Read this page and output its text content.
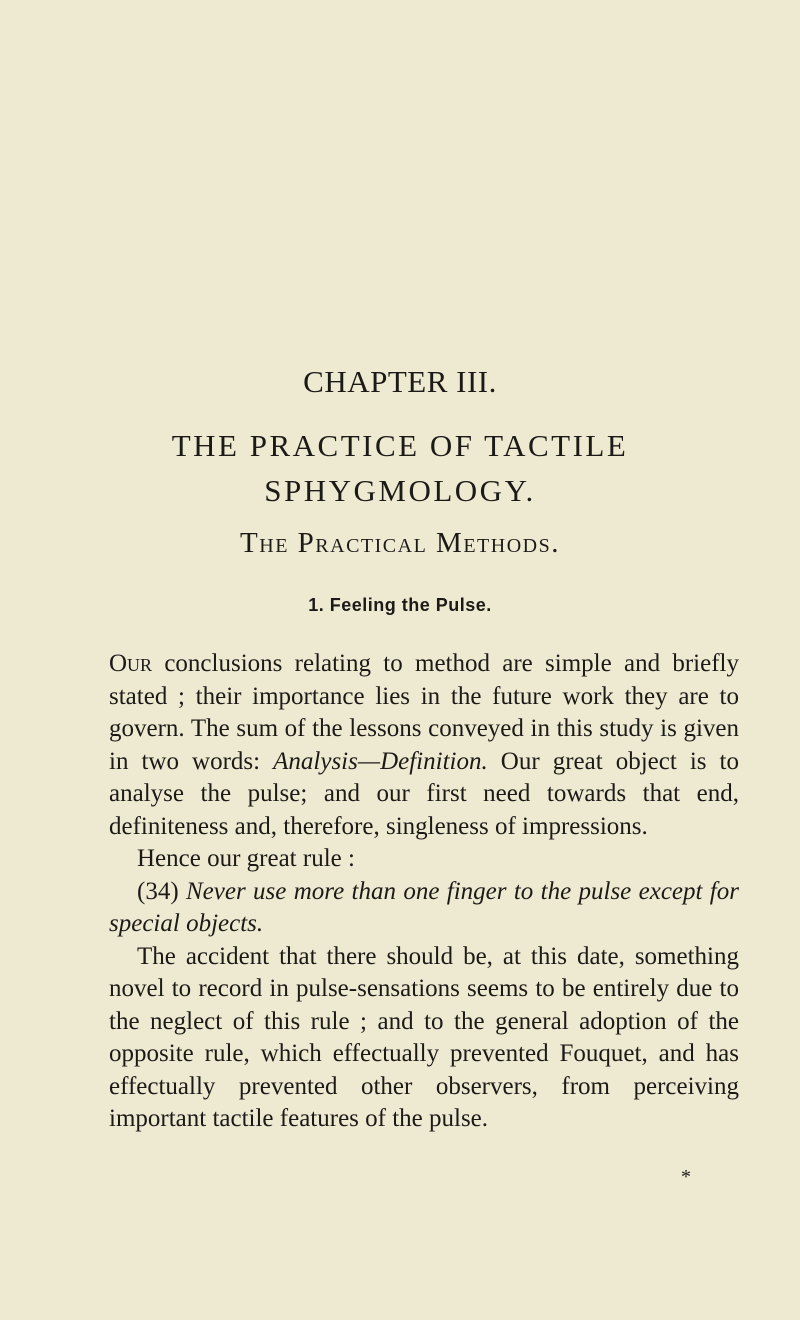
CHAPTER III.
THE PRACTICE OF TACTILE
SPHYGMOLOGY.
The Practical Methods.
1. Feeling the Pulse.

Our conclusions relating to method are simple and briefly stated ; their importance lies in the future work they are to govern. The sum of the lessons conveyed in this study is given in two words: Analysis—Definition. Our great object is to analyse the pulse; and our first need towards that end, definiteness and, therefore, singleness of impressions.

Hence our great rule :

(34) Never use more than one finger to the pulse except for special objects.

The accident that there should be, at this date, something novel to record in pulse-sensations seems to be entirely due to the neglect of this rule ; and to the general adoption of the opposite rule, which effectually prevented Fouquet, and has effectually prevented other observers, from perceiving important tactile features of the pulse.

*
